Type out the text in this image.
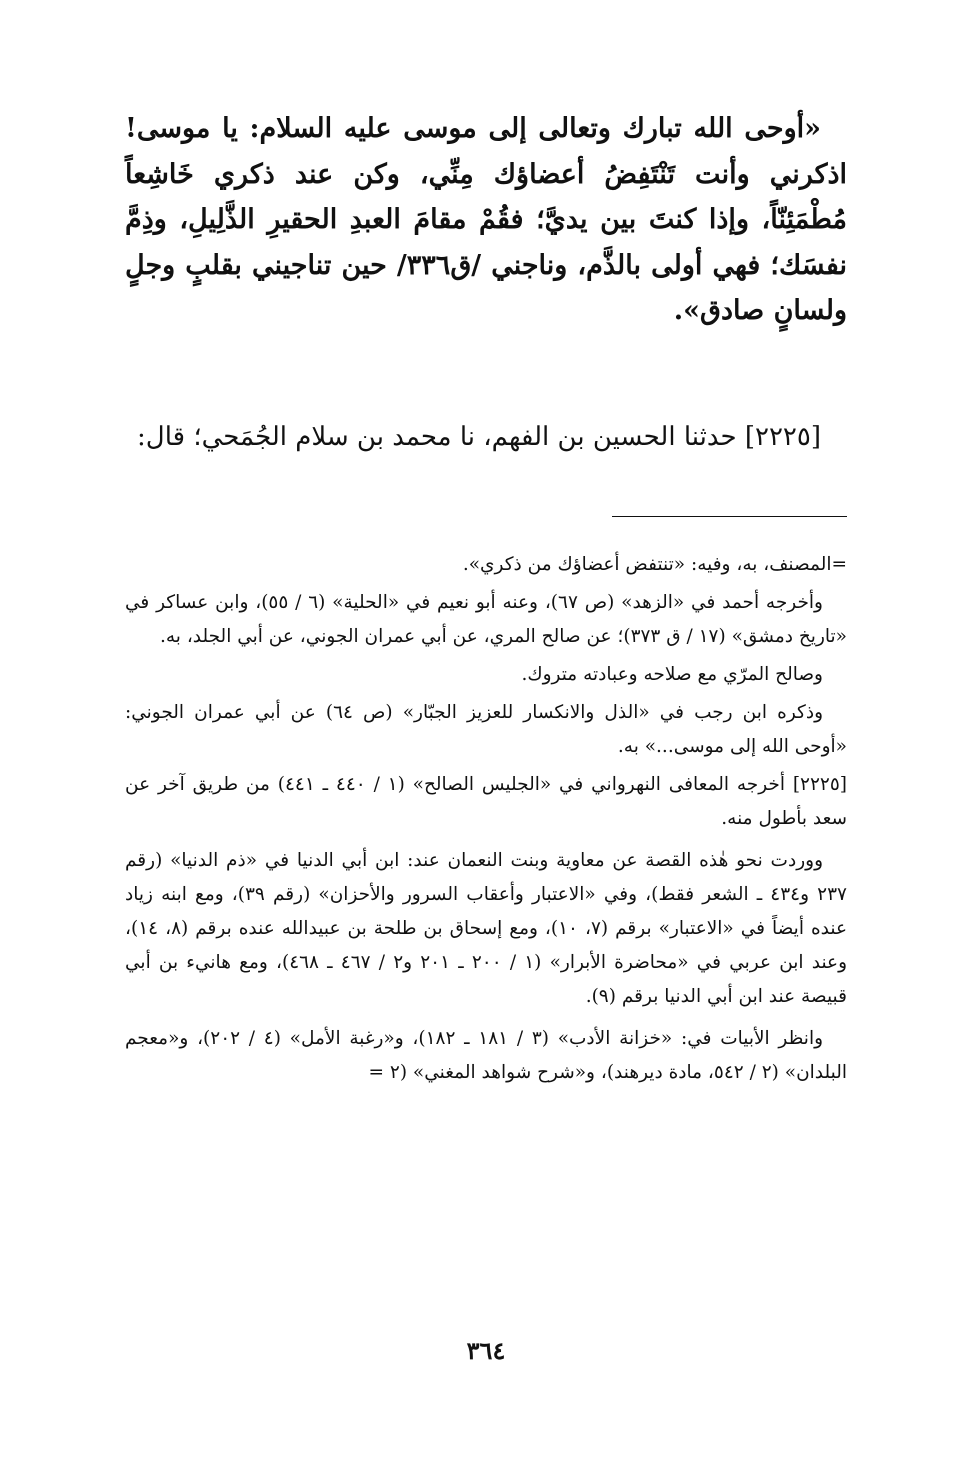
«أوحى الله تبارك وتعالى إلى موسى عليه السلام: يا موسى! اذكرني وأنت تَنْتَفِضُ أعضاؤك مِنِّي، وكن عند ذكري خَاشِعاً مُطْمَئِنّاً، وإذا كنتَ بين يديَّ؛ فقُمْ مقامَ العبدِ الحقيرِ الذَّلِيلِ، وذِمَّ نفسَك؛ فهي أولى بالذَّم، وناجني /ق٣٣٦/ حين تناجيني بقلبٍ وجلٍ ولسانٍ صادق».

[٢٢٢٥] حدثنا الحسين بن الفهم، نا محمد بن سلام الجُمَحي؛ قال:

=المصنف، به، وفيه: «تنتفض أعضاؤك من ذكري».

وأخرجه أحمد في «الزهد» (ص ٦٧)، وعنه أبو نعيم في «الحلية» (٦ / ٥٥)، وابن عساكر في «تاريخ دمشق» (١٧ / ق ٣٧٣)؛ عن صالح المري، عن أبي عمران الجوني، عن أبي الجلد، به.

وصالح المرّي مع صلاحه وعبادته متروك.

وذكره ابن رجب في «الذل والانكسار للعزيز الجبّار» (ص ٦٤) عن أبي عمران الجوني: «أوحى الله إلى موسى...» به.

[٢٢٢٥] أخرجه المعافى النهرواني في «الجليس الصالح» (١ / ٤٤٠ ـ ٤٤١) من طريق آخر عن سعد بأطول منه.

ووردت نحو هٰذه القصة عن معاوية وبنت النعمان عند: ابن أبي الدنيا في «ذم الدنيا» (رقم ٢٣٧ و٤٣٤ ـ الشعر فقط)، وفي «الاعتبار وأعقاب السرور والأحزان» (رقم ٣٩)، ومع ابنه زياد عنده أيضاً في «الاعتبار» برقم (٧، ١٠)، ومع إسحاق بن طلحة بن عبيدالله عنده برقم (٨، ١٤)، وعند ابن عربي في «محاضرة الأبرار» (١ / ٢٠٠ ـ ٢٠١ و٢ / ٤٦٧ ـ ٤٦٨)، ومع هانيء بن أبي قبيصة عند ابن أبي الدنيا برقم (٩).

وانظر الأبيات في: «خزانة الأدب» (٣ / ١٨١ ـ ١٨٢)، و«رغبة الأمل» (٤ / ٢٠٢)، و«معجم البلدان» (٢ / ٥٤٢، مادة ديرهند)، و«شرح شواهد المغني» (٢ =

٣٦٤
